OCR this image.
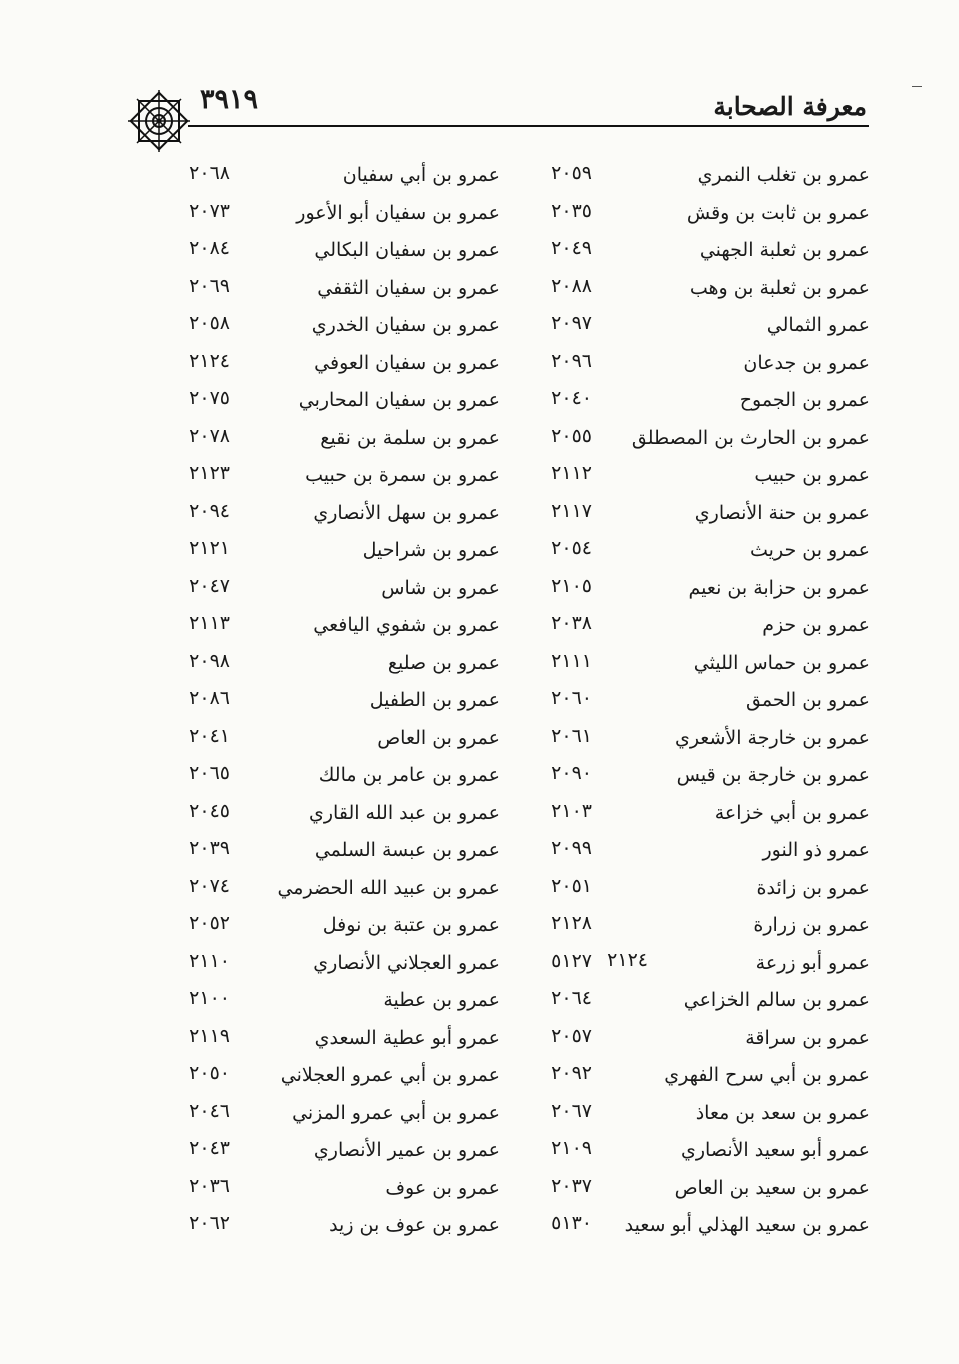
معرفة الصحابة
٣٩١٩
عمرو بن تغلب النمري
٢٠٥٩
عمرو بن ثابت بن وقش
٢٠٣٥
عمرو بن ثعلبة الجهني
٢٠٤٩
عمرو بن ثعلبة بن وهب
٢٠٨٨
عمرو الثمالي
٢٠٩٧
عمرو بن جدعان
٢٠٩٦
عمرو بن الجموح
٢٠٤٠
عمرو بن الحارث بن المصطلق
٢٠٥٥
عمرو بن حبيب
٢١١٢
عمرو بن حنة الأنصاري
٢١١٧
عمرو بن حريث
٢٠٥٤
عمرو بن حزابة بن نعيم
٢١٠٥
عمرو بن حزم
٢٠٣٨
عمرو بن حماس الليثي
٢١١١
عمرو بن الحمق
٢٠٦٠
عمرو بن خارجة الأشعري
٢٠٦١
عمرو بن خارجة بن قيس
٢٠٩٠
عمرو بن أبي خزاعة
٢١٠٣
عمرو ذو النور
٢٠٩٩
عمرو بن زائدة
٢٠٥١
عمرو بن زرارة
٢١٢٨
عمرو أبو زرعة
٢١٢٤
٥١٢٧
عمرو بن سالم الخزاعي
٢٠٦٤
عمرو بن سراقة
٢٠٥٧
عمرو بن أبي سرح الفهري
٢٠٩٢
عمرو بن سعد بن معاذ
٢٠٦٧
عمرو أبو سعيد الأنصاري
٢١٠٩
عمرو بن سعيد بن العاص
٢٠٣٧
عمرو بن سعيد الهذلي أبو سعيد
٥١٣٠
عمرو بن أبي سفيان
٢٠٦٨
عمرو بن سفيان أبو الأعور
٢٠٧٣
عمرو بن سفيان البكالي
٢٠٨٤
عمرو بن سفيان الثقفي
٢٠٦٩
عمرو بن سفيان الخدري
٢٠٥٨
عمرو بن سفيان العوفي
٢١٢٤
عمرو بن سفيان المحاربي
٢٠٧٥
عمرو بن سلمة بن نقيع
٢٠٧٨
عمرو بن سمرة بن حبيب
٢١٢٣
عمرو بن سهل الأنصاري
٢٠٩٤
عمرو بن شراحيل
٢١٢١
عمرو بن شاس
٢٠٤٧
عمرو بن شفوي اليافعي
٢١١٣
عمرو بن صليع
٢٠٩٨
عمرو بن الطفيل
٢٠٨٦
عمرو بن العاص
٢٠٤١
عمرو بن عامر بن مالك
٢٠٦٥
عمرو بن عبد الله القاري
٢٠٤٥
عمرو بن عبسة السلمي
٢٠٣٩
عمرو بن عبيد الله الحضرمي
٢٠٧٤
عمرو بن عتبة بن نوفل
٢٠٥٢
عمرو العجلاني الأنصاري
٢١١٠
عمرو بن عطية
٢١٠٠
عمرو أبو عطية السعدي
٢١١٩
عمرو بن أبي عمرو العجلاني
٢٠٥٠
عمرو بن أبي عمرو المزني
٢٠٤٦
عمرو بن عمير الأنصاري
٢٠٤٣
عمرو بن عوف
٢٠٣٦
عمرو بن عوف بن زيد
٢٠٦٢
